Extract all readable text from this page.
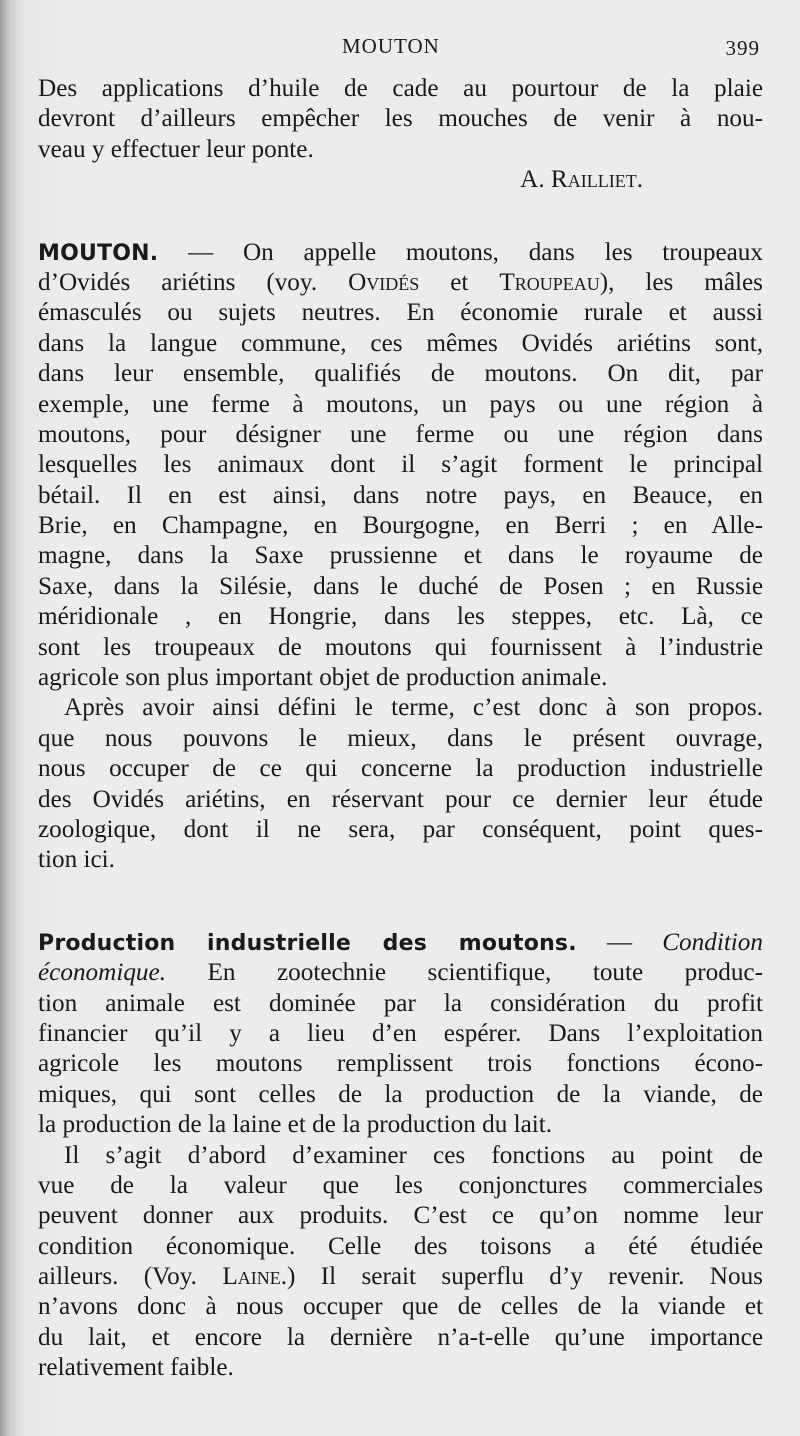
MOUTON	399
Des applications d’huile de cade au pourtour de la plaie
devront d’ailleurs empêcher les mouches de venir à nou-
veau y effectuer leur ponte.
A. Railliet.
MOUTON. — On appelle moutons, dans les troupeaux
d’Ovidés ariétins (voy. Ovidés et Troupeau), les mâles
émasculés ou sujets neutres. En économie rurale et aussi
dans la langue commune, ces mêmes Ovidés ariétins sont,
dans leur ensemble, qualifiés de moutons. On dit, par
exemple, une ferme à moutons, un pays ou une région à
moutons, pour désigner une ferme ou une région dans
lesquelles les animaux dont il s’agit forment le principal
bétail. Il en est ainsi, dans notre pays, en Beauce, en
Brie, en Champagne, en Bourgogne, en Berri ; en Alle-
magne, dans la Saxe prussienne et dans le royaume de
Saxe, dans la Silésie, dans le duché de Posen ; en Russie
méridionale , en Hongrie, dans les steppes, etc. Là, ce
sont les troupeaux de moutons qui fournissent à l’industrie
agricole son plus important objet de production animale.
Après avoir ainsi défini le terme, c’est donc à son propos.
que nous pouvons le mieux, dans le présent ouvrage,
nous occuper de ce qui concerne la production industrielle
des Ovidés ariétins, en réservant pour ce dernier leur étude
zoologique, dont il ne sera, par conséquent, point ques-
tion ici.
Production industrielle des moutons. — Condition
économique. En zootechnie scientifique, toute produc-
tion animale est dominée par la considération du profit
financier qu’il y a lieu d’en espérer. Dans l’exploitation
agricole les moutons remplissent trois fonctions écono-
miques, qui sont celles de la production de la viande, de
la production de la laine et de la production du lait.
Il s’agit d’abord d’examiner ces fonctions au point de
vue de la valeur que les conjonctures commerciales
peuvent donner aux produits. C’est ce qu’on nomme leur
condition économique. Celle des toisons a été étudiée
ailleurs. (Voy. Laine.) Il serait superflu d’y revenir. Nous
n’avons donc à nous occuper que de celles de la viande et
du lait, et encore la dernière n’a-t-elle qu’une importance
relativement faible.
